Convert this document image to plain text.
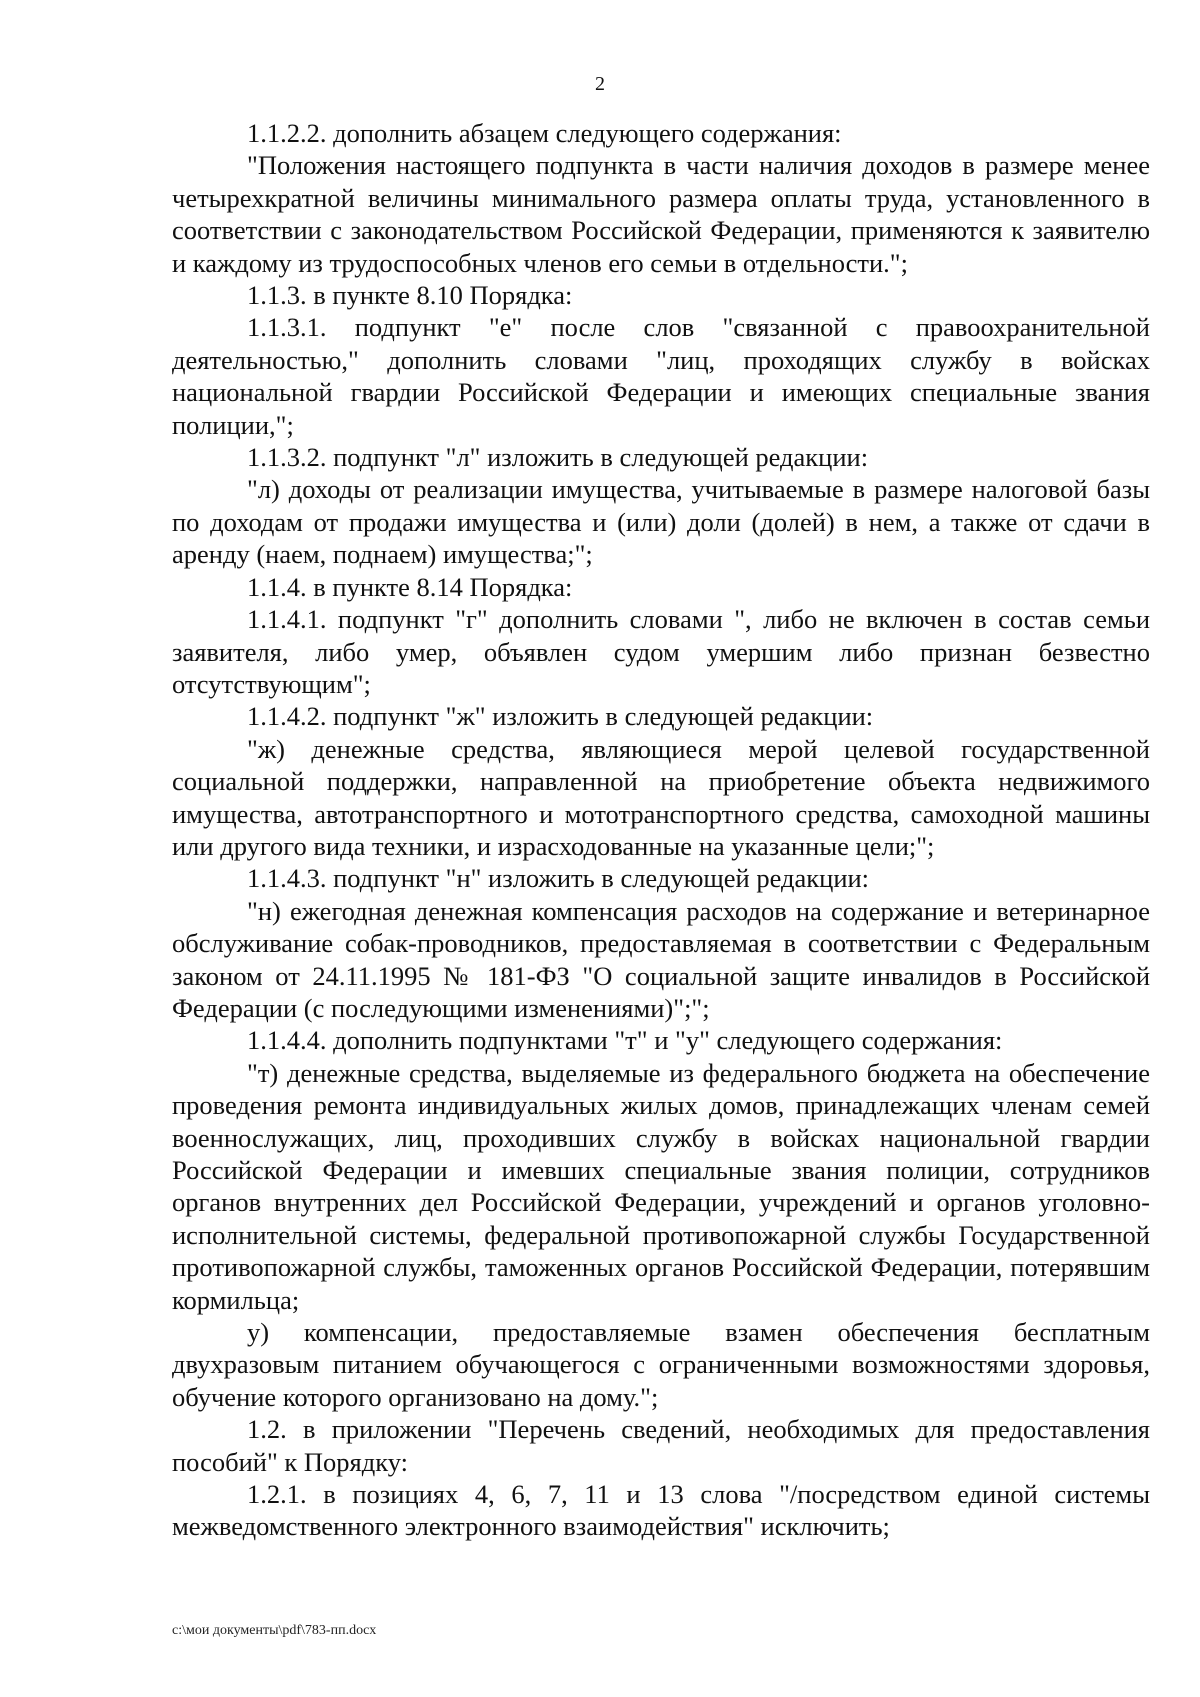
2

1.1.2.2. дополнить абзацем следующего содержания:

"Положения настоящего подпункта в части наличия доходов в размере менее четырехкратной величины минимального размера оплаты труда, установленного в соответствии с законодательством Российской Федерации, применяются к заявителю и каждому из трудоспособных членов его семьи в отдельности.";

1.1.3. в пункте 8.10 Порядка:

1.1.3.1. подпункт "е" после слов "связанной с правоохранительной деятельностью," дополнить словами "лиц, проходящих службу в войсках национальной гвардии Российской Федерации и имеющих специальные звания полиции,";

1.1.3.2. подпункт "л" изложить в следующей редакции:

"л) доходы от реализации имущества, учитываемые в размере налоговой базы по доходам от продажи имущества и (или) доли (долей) в нем, а также от сдачи в аренду (наем, поднаем) имущества;";

1.1.4. в пункте 8.14 Порядка:

1.1.4.1. подпункт "г" дополнить словами ", либо не включен в состав семьи заявителя, либо умер, объявлен судом умершим либо признан безвестно отсутствующим";

1.1.4.2. подпункт "ж" изложить в следующей редакции:

"ж) денежные средства, являющиеся мерой целевой государственной социальной поддержки, направленной на приобретение объекта недвижимого имущества, автотранспортного и мототранспортного средства, самоходной машины или другого вида техники, и израсходованные на указанные цели;";

1.1.4.3. подпункт "н" изложить в следующей редакции:

"н) ежегодная денежная компенсация расходов на содержание и ветеринарное обслуживание собак-проводников, предоставляемая в соответствии с Федеральным законом от 24.11.1995 № 181-ФЗ "О социальной защите инвалидов в Российской Федерации (с последующими изменениями)";";

1.1.4.4. дополнить подпунктами "т" и "у" следующего содержания:

"т) денежные средства, выделяемые из федерального бюджета на обеспечение проведения ремонта индивидуальных жилых домов, принадлежащих членам семей военнослужащих, лиц, проходивших службу в войсках национальной гвардии Российской Федерации и имевших специальные звания полиции, сотрудников органов внутренних дел Российской Федерации, учреждений и органов уголовно-исполнительной системы, федеральной противопожарной службы Государственной противопожарной службы, таможенных органов Российской Федерации, потерявшим кормильца;

у) компенсации, предоставляемые взамен обеспечения бесплатным двухразовым питанием обучающегося с ограниченными возможностями здоровья, обучение которого организовано на дому.";

1.2. в приложении "Перечень сведений, необходимых для предоставления пособий" к Порядку:

1.2.1. в позициях 4, 6, 7, 11 и 13 слова "/посредством единой системы межведомственного электронного взаимодействия" исключить;

c:\мои документы\pdf\783-пп.docx
